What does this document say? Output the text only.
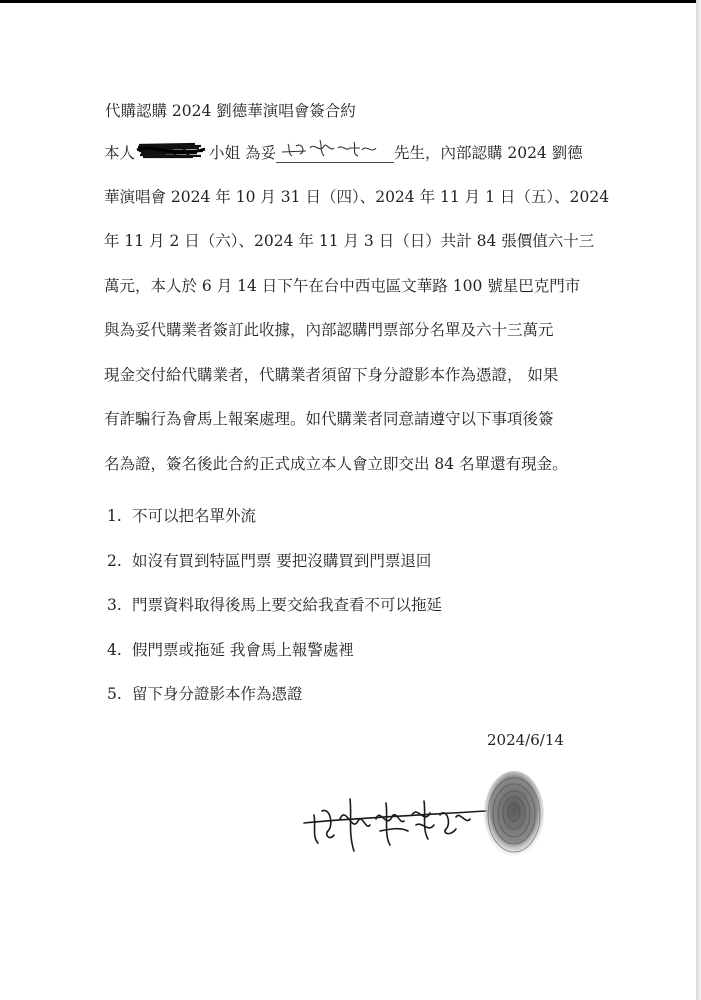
代購認購 2024 劉德華演唱會簽合約
本人	小姐 為妥	先生，內部認購 2024 劉德
華演唱會 2024 年 10 月 31 日（四）、2024 年 11 月 1 日（五）、2024
年 11 月 2 日（六）、2024 年 11 月 3 日（日）共計 84 張價值六十三
萬元，本人於 6 月 14 日下午在台中西屯區文華路 100 號星巴克門市
與為妥代購業者簽訂此收據，內部認購門票部分名單及六十三萬元
現金交付給代購業者，代購業者須留下身分證影本作為憑證， 如果
有詐騙行為會馬上報案處理。如代購業者同意請遵守以下事項後簽
名為證，簽名後此合約正式成立本人會立即交出 84 名單還有現金。
1. 不可以把名單外流
2. 如沒有買到特區門票 要把沒購買到門票退回
3. 門票資料取得後馬上要交給我查看不可以拖延
4. 假門票或拖延 我會馬上報警處裡
5. 留下身分證影本作為憑證
2024/6/14
